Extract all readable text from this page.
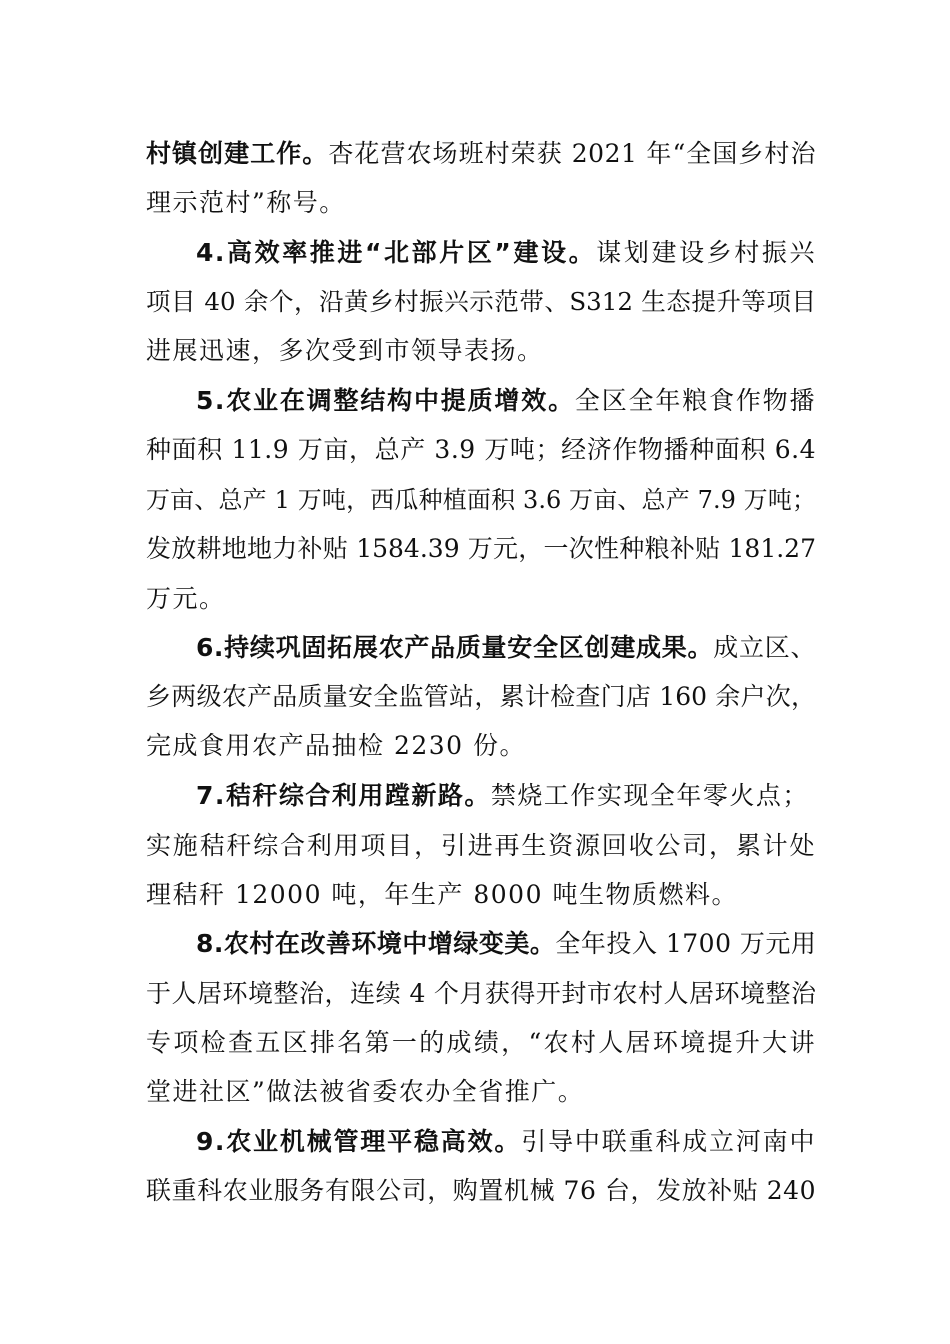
村镇创建工作。杏花营农场班村荣获 2021 年“全国乡村治
理示范村”称号。
4.高效率推进“北部片区”建设。谋划建设乡村振兴
项目 40 余个，沿黄乡村振兴示范带、S312 生态提升等项目
进展迅速，多次受到市领导表扬。
5.农业在调整结构中提质增效。全区全年粮食作物播
种面积 11.9 万亩，总产 3.9 万吨；经济作物播种面积 6.4
万亩、总产 1 万吨，西瓜种植面积 3.6 万亩、总产 7.9 万吨；
发放耕地地力补贴 1584.39 万元，一次性种粮补贴 181.27
万元。
6.持续巩固拓展农产品质量安全区创建成果。成立区、
乡两级农产品质量安全监管站，累计检查门店 160 余户次，
完成食用农产品抽检 2230 份。
7.秸秆综合利用蹚新路。禁烧工作实现全年零火点；
实施秸秆综合利用项目，引进再生资源回收公司，累计处
理秸秆 12000 吨，年生产 8000 吨生物质燃料。
8.农村在改善环境中增绿变美。全年投入 1700 万元用
于人居环境整治，连续 4 个月获得开封市农村人居环境整治
专项检查五区排名第一的成绩，“农村人居环境提升大讲
堂进社区”做法被省委农办全省推广。
9.农业机械管理平稳高效。引导中联重科成立河南中
联重科农业服务有限公司，购置机械 76 台，发放补贴 240
